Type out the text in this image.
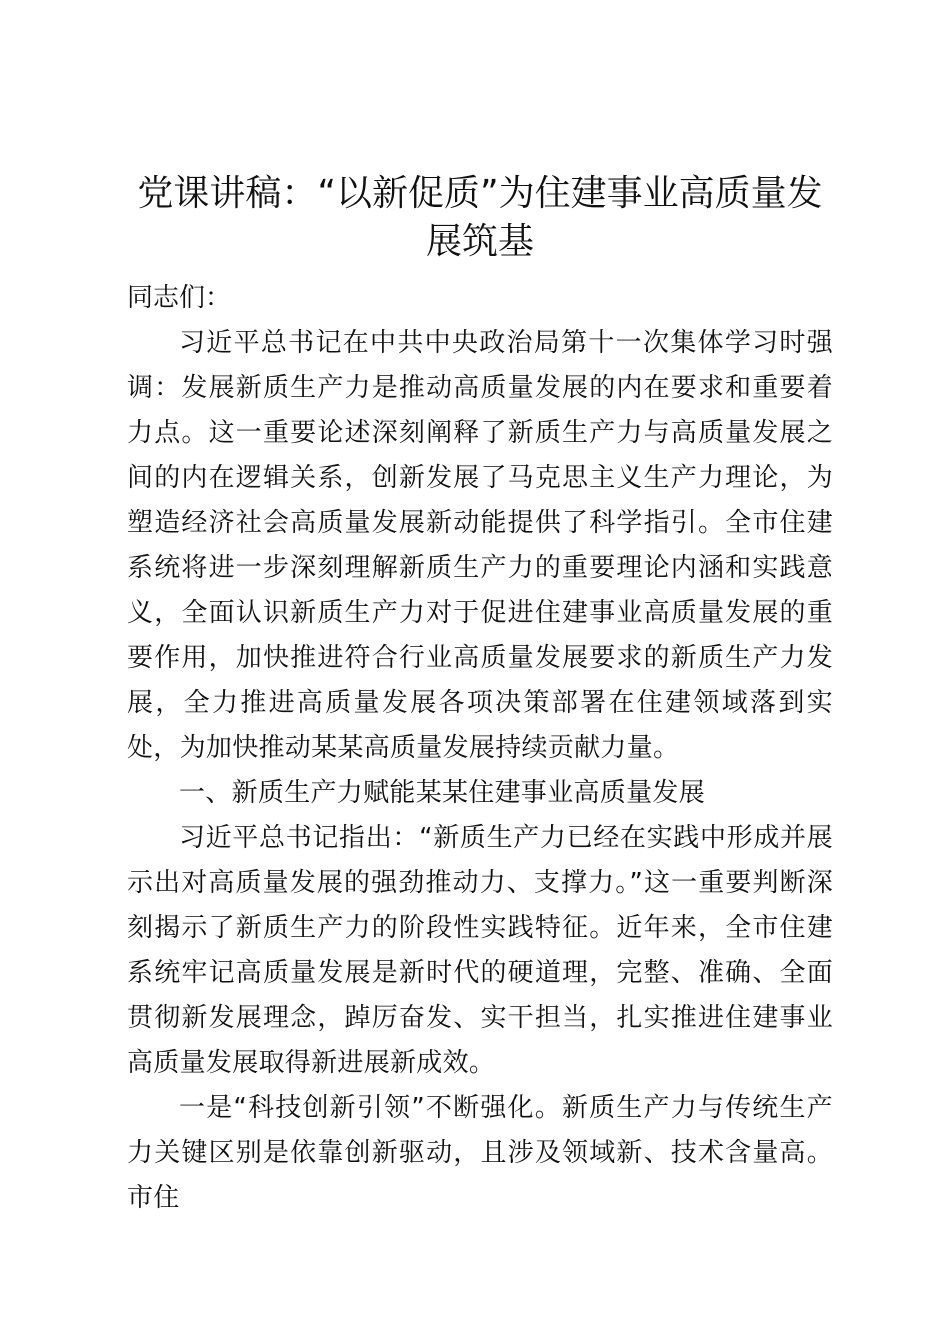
党课讲稿：“以新促质”为住建事业高质量发展筑基

同志们：

习近平总书记在中共中央政治局第十一次集体学习时强调：发展新质生产力是推动高质量发展的内在要求和重要着力点。这一重要论述深刻阐释了新质生产力与高质量发展之间的内在逻辑关系，创新发展了马克思主义生产力理论，为塑造经济社会高质量发展新动能提供了科学指引。全市住建系统将进一步深刻理解新质生产力的重要理论内涵和实践意义，全面认识新质生产力对于促进住建事业高质量发展的重要作用，加快推进符合行业高质量发展要求的新质生产力发展，全力推进高质量发展各项决策部署在住建领域落到实处，为加快推动某某高质量发展持续贡献力量。

一、新质生产力赋能某某住建事业高质量发展

习近平总书记指出：“新质生产力已经在实践中形成并展示出对高质量发展的强劲推动力、支撑力。”这一重要判断深刻揭示了新质生产力的阶段性实践特征。近年来，全市住建系统牢记高质量发展是新时代的硬道理，完整、准确、全面贯彻新发展理念，踔厉奋发、实干担当，扎实推进住建事业高质量发展取得新进展新成效。

一是“科技创新引领”不断强化。新质生产力与传统生产力关键区别是依靠创新驱动，且涉及领域新、技术含量高。市住
